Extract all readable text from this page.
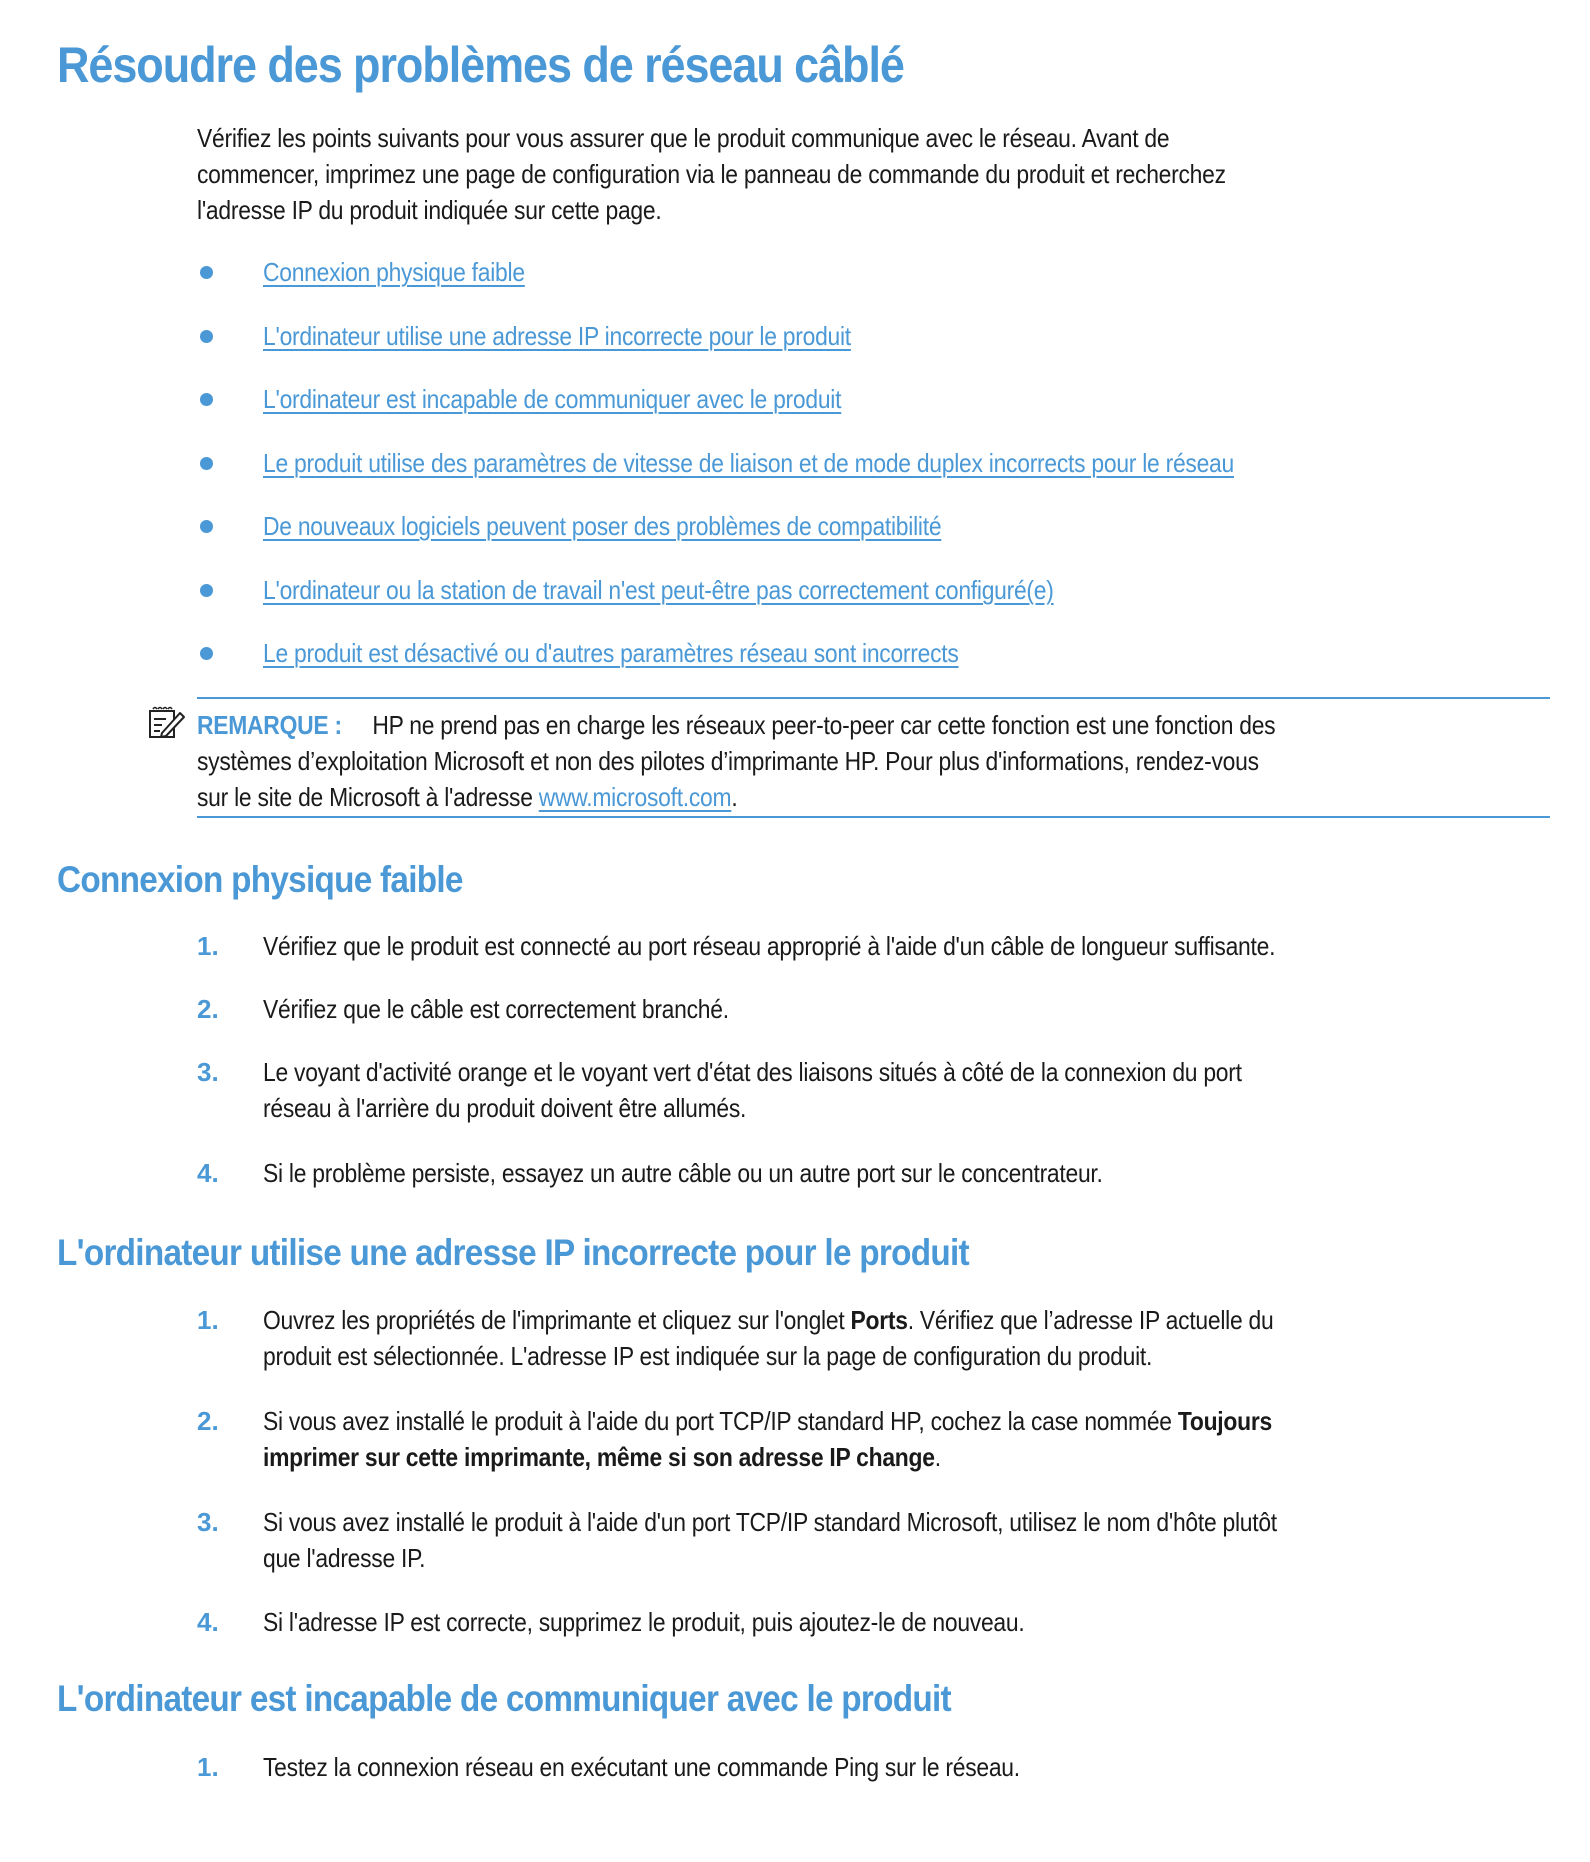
Résoudre des problèmes de réseau câblé
Vérifiez les points suivants pour vous assurer que le produit communique avec le réseau. Avant de
commencer, imprimez une page de configuration via le panneau de commande du produit et recherchez
l'adresse IP du produit indiquée sur cette page.
Connexion physique faible
L'ordinateur utilise une adresse IP incorrecte pour le produit
L'ordinateur est incapable de communiquer avec le produit
Le produit utilise des paramètres de vitesse de liaison et de mode duplex incorrects pour le réseau
De nouveaux logiciels peuvent poser des problèmes de compatibilité
L'ordinateur ou la station de travail n'est peut-être pas correctement configuré(e)
Le produit est désactivé ou d'autres paramètres réseau sont incorrects
REMARQUE : HP ne prend pas en charge les réseaux peer-to-peer car cette fonction est une fonction des
systèmes d’exploitation Microsoft et non des pilotes d’imprimante HP. Pour plus d'informations, rendez-vous
sur le site de Microsoft à l'adresse www.microsoft.com.
Connexion physique faible
1. Vérifiez que le produit est connecté au port réseau approprié à l'aide d'un câble de longueur suffisante.
2. Vérifiez que le câble est correctement branché.
3. Le voyant d'activité orange et le voyant vert d'état des liaisons situés à côté de la connexion du port
réseau à l'arrière du produit doivent être allumés.
4. Si le problème persiste, essayez un autre câble ou un autre port sur le concentrateur.
L'ordinateur utilise une adresse IP incorrecte pour le produit
1. Ouvrez les propriétés de l'imprimante et cliquez sur l'onglet Ports. Vérifiez que l’adresse IP actuelle du
produit est sélectionnée. L'adresse IP est indiquée sur la page de configuration du produit.
2. Si vous avez installé le produit à l'aide du port TCP/IP standard HP, cochez la case nommée Toujours
imprimer sur cette imprimante, même si son adresse IP change.
3. Si vous avez installé le produit à l'aide d'un port TCP/IP standard Microsoft, utilisez le nom d'hôte plutôt
que l'adresse IP.
4. Si l'adresse IP est correcte, supprimez le produit, puis ajoutez-le de nouveau.
L'ordinateur est incapable de communiquer avec le produit
1. Testez la connexion réseau en exécutant une commande Ping sur le réseau.
